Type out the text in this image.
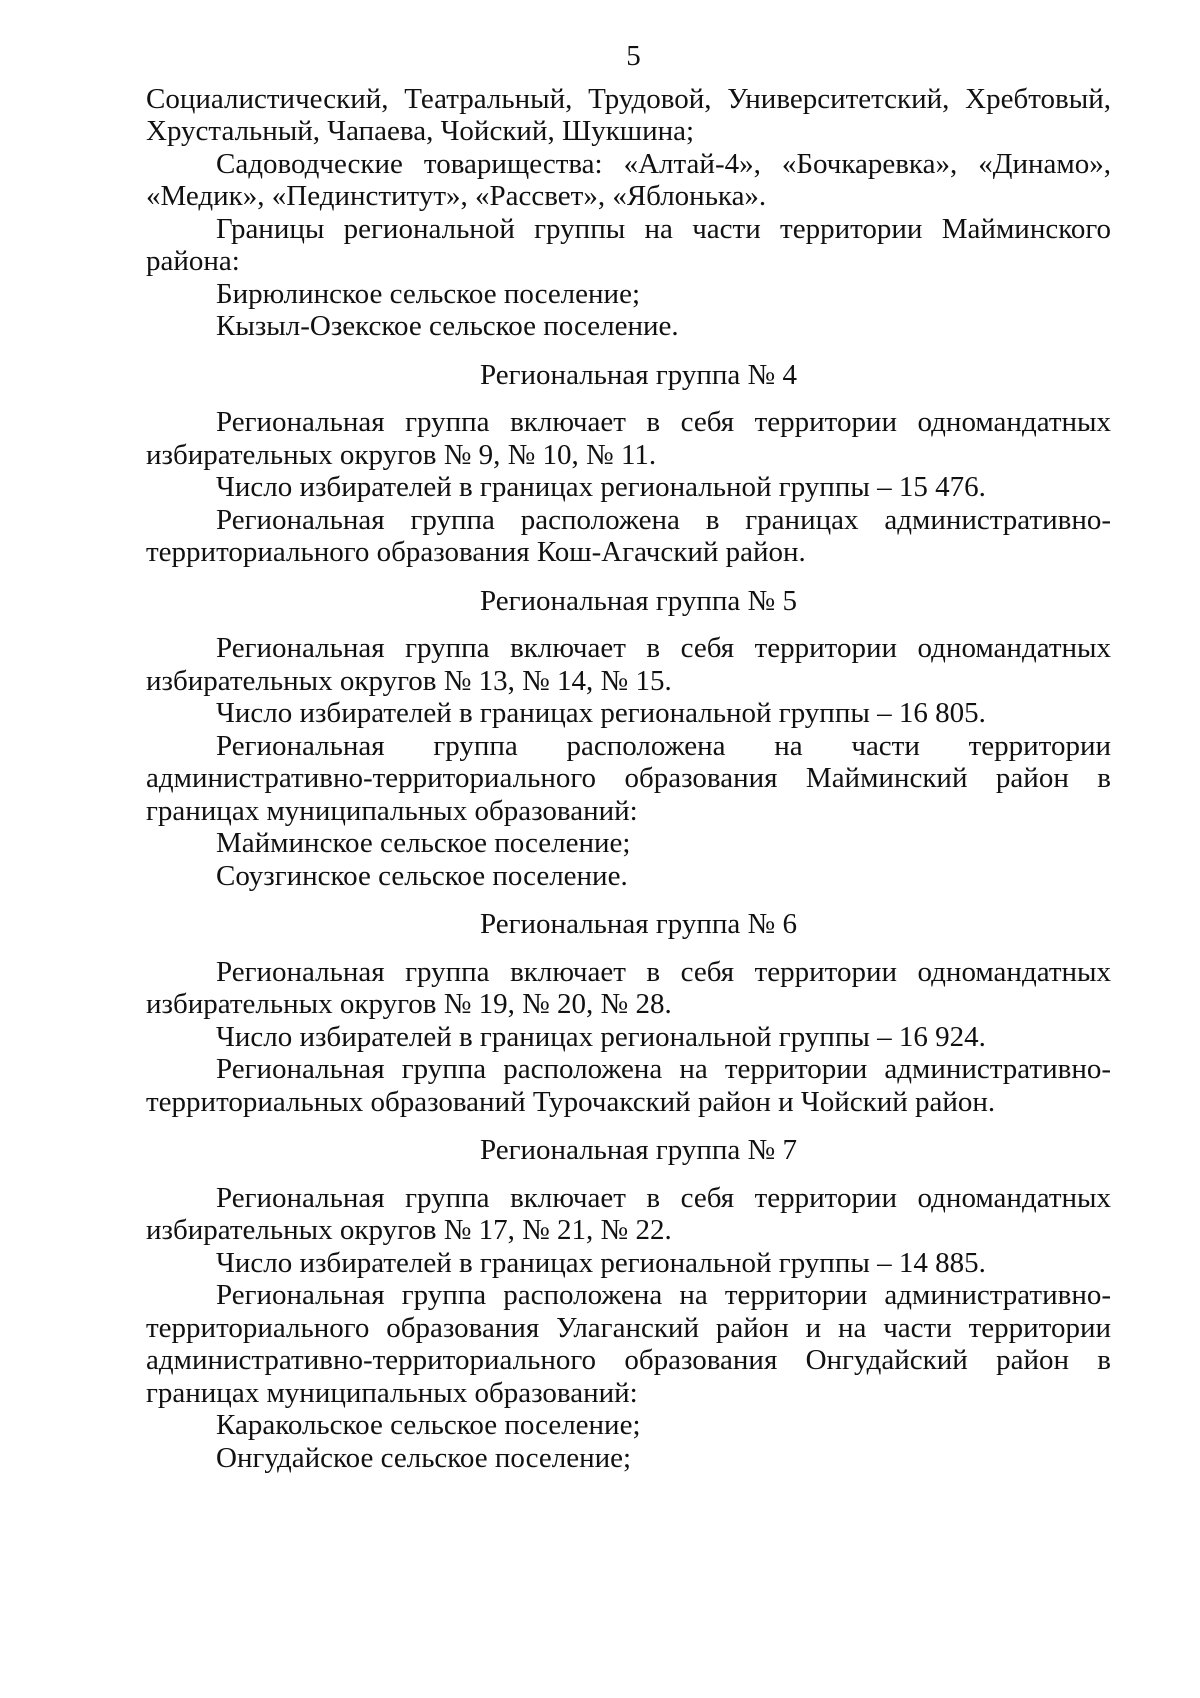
5

Социалистический, Театральный, Трудовой, Университетский, Хребтовый, Хрустальный, Чапаева, Чойский, Шукшина;

Садоводческие товарищества: «Алтай-4», «Бочкаревка», «Динамо», «Медик», «Пединститут», «Рассвет», «Яблонька».

Границы региональной группы на части территории Майминского района:

Бирюлинское сельское поселение;

Кызыл-Озекское сельское поселение.

Региональная группа № 4

Региональная группа включает в себя территории одномандатных избирательных округов № 9, № 10, № 11.

Число избирателей в границах региональной группы – 15 476.

Региональная группа расположена в границах административно-территориального образования Кош-Агачский район.

Региональная группа № 5

Региональная группа включает в себя территории одномандатных избирательных округов № 13, № 14, № 15.

Число избирателей в границах региональной группы – 16 805.

Региональная группа расположена на части территории административно-территориального образования Майминский район в границах муниципальных образований:

Майминское сельское поселение;

Соузгинское сельское поселение.

Региональная группа № 6

Региональная группа включает в себя территории одномандатных избирательных округов № 19, № 20, № 28.

Число избирателей в границах региональной группы – 16 924.

Региональная группа расположена на территории административно-территориальных образований Турочакский район и Чойский район.

Региональная группа № 7

Региональная группа включает в себя территории одномандатных избирательных округов № 17, № 21, № 22.

Число избирателей в границах региональной группы – 14 885.

Региональная группа расположена на территории административно-территориального образования Улаганский район и на части территории административно-территориального образования Онгудайский район в границах муниципальных образований:

Каракольское сельское поселение;

Онгудайское сельское поселение;
